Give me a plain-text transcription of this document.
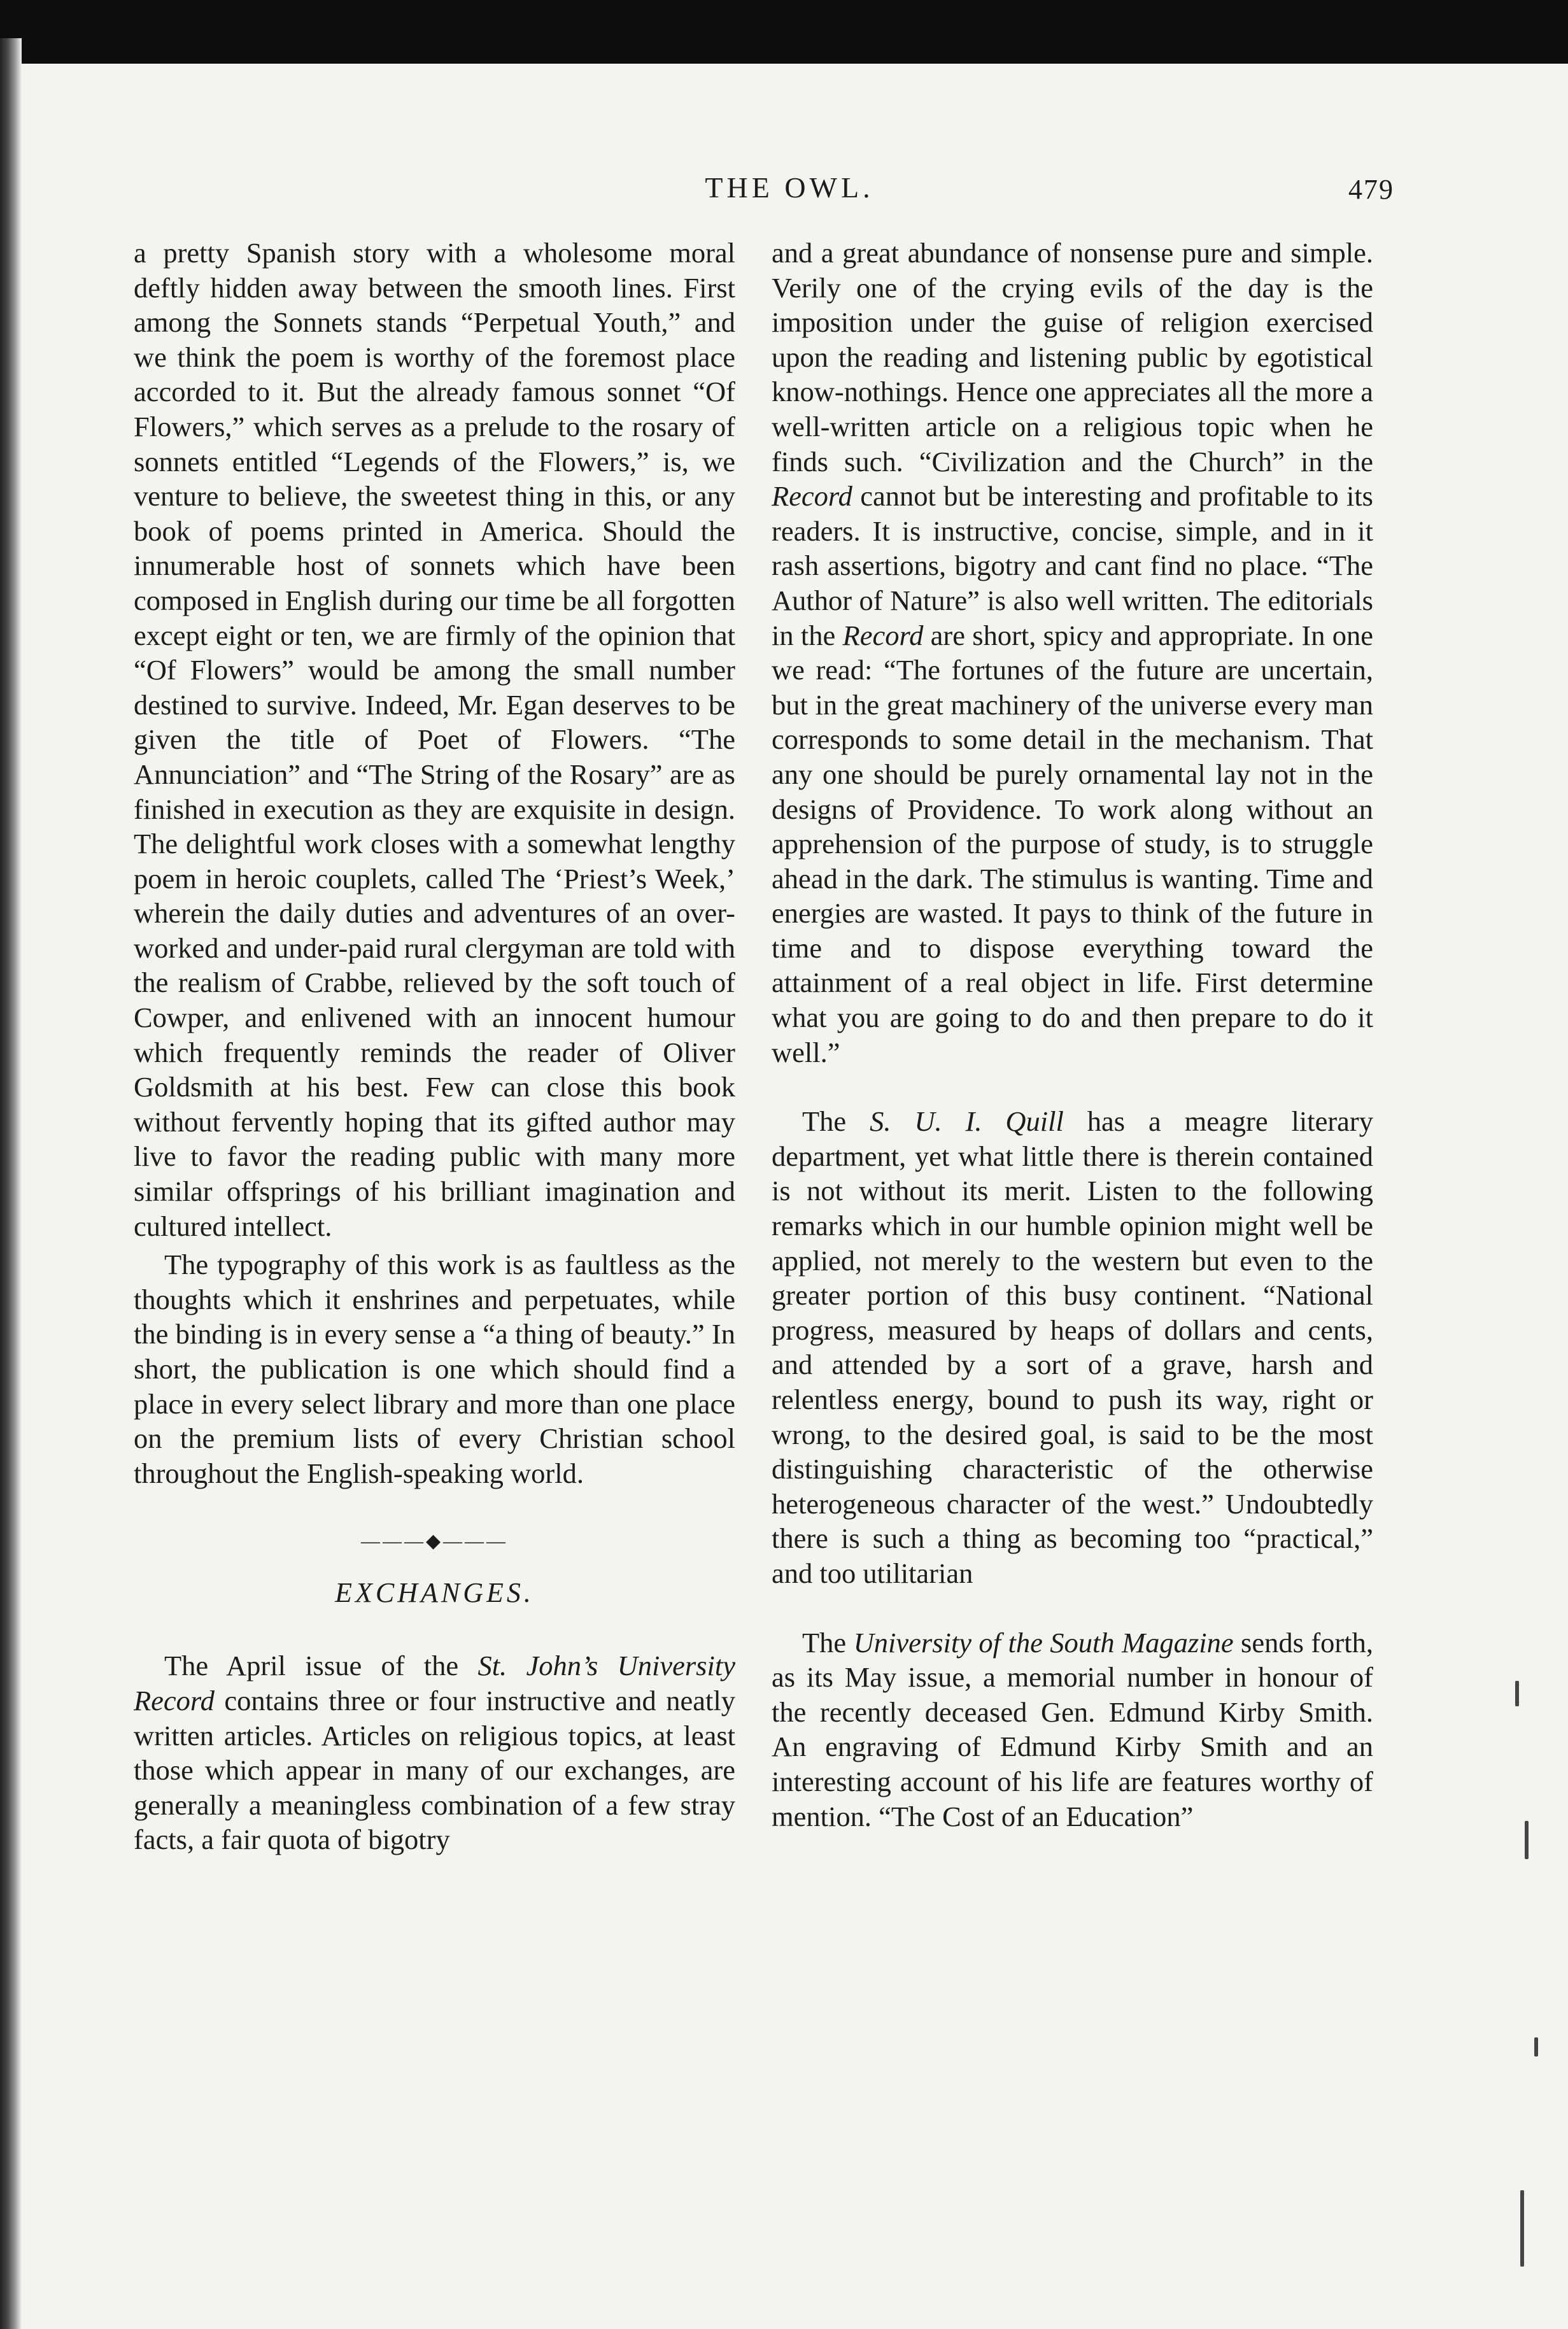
THE OWL.	479

a pretty Spanish story with a wholesome moral deftly hidden away between the smooth lines. First among the Sonnets stands “Perpetual Youth,” and we think the poem is worthy of the foremost place accorded to it. But the already famous sonnet “Of Flowers,” which serves as a prelude to the rosary of sonnets entitled “Legends of the Flowers,” is, we venture to believe, the sweetest thing in this, or any book of poems printed in America. Should the innumerable host of sonnets which have been composed in English during our time be all forgotten except eight or ten, we are firmly of the opinion that “Of Flowers” would be among the small number destined to survive. Indeed, Mr. Egan deserves to be given the title of Poet of Flowers. “The Annunciation” and “The String of the Rosary” are as finished in execution as they are exquisite in design. The delightful work closes with a somewhat lengthy poem in heroic couplets, called The ‘Priest’s Week,’ wherein the daily duties and adventures of an over-worked and under-paid rural clergyman are told with the realism of Crabbe, relieved by the soft touch of Cowper, and enlivened with an innocent humour which frequently reminds the reader of Oliver Goldsmith at his best. Few can close this book without fervently hoping that its gifted author may live to favor the reading public with many more similar offsprings of his brilliant imagination and cultured intellect.

The typography of this work is as faultless as the thoughts which it enshrines and perpetuates, while the binding is in every sense a “a thing of beauty.” In short, the publication is one which should find a place in every select library and more than one place on the premium lists of every Christian school throughout the English-speaking world.

———◆———
EXCHANGES.

The April issue of the St. John’s University Record contains three or four instructive and neatly written articles. Articles on religious topics, at least those which appear in many of our exchanges, are generally a meaningless combination of a few stray facts, a fair quota of bigotry

and a great abundance of nonsense pure and simple. Verily one of the crying evils of the day is the imposition under the guise of religion exercised upon the reading and listening public by egotistical know-nothings. Hence one appreciates all the more a well-written article on a religious topic when he finds such. “Civilization and the Church” in the Record cannot but be interesting and profitable to its readers. It is instructive, concise, simple, and in it rash assertions, bigotry and cant find no place. “The Author of Nature” is also well written. The editorials in the Record are short, spicy and appropriate. In one we read: “The fortunes of the future are uncertain, but in the great machinery of the universe every man corresponds to some detail in the mechanism. That any one should be purely ornamental lay not in the designs of Providence. To work along without an apprehension of the purpose of study, is to struggle ahead in the dark. The stimulus is wanting. Time and energies are wasted. It pays to think of the future in time and to dispose everything toward the attainment of a real object in life. First determine what you are going to do and then prepare to do it well.”

The S. U. I. Quill has a meagre literary department, yet what little there is therein contained is not without its merit. Listen to the following remarks which in our humble opinion might well be applied, not merely to the western but even to the greater portion of this busy continent. “National progress, measured by heaps of dollars and cents, and attended by a sort of a grave, harsh and relentless energy, bound to push its way, right or wrong, to the desired goal, is said to be the most distinguishing characteristic of the otherwise heterogeneous character of the west.” Undoubtedly there is such a thing as becoming too “practical,” and too utilitarian

The University of the South Magazine sends forth, as its May issue, a memorial number in honour of the recently deceased Gen. Edmund Kirby Smith. An engraving of Edmund Kirby Smith and an interesting account of his life are features worthy of mention. “The Cost of an Education”
